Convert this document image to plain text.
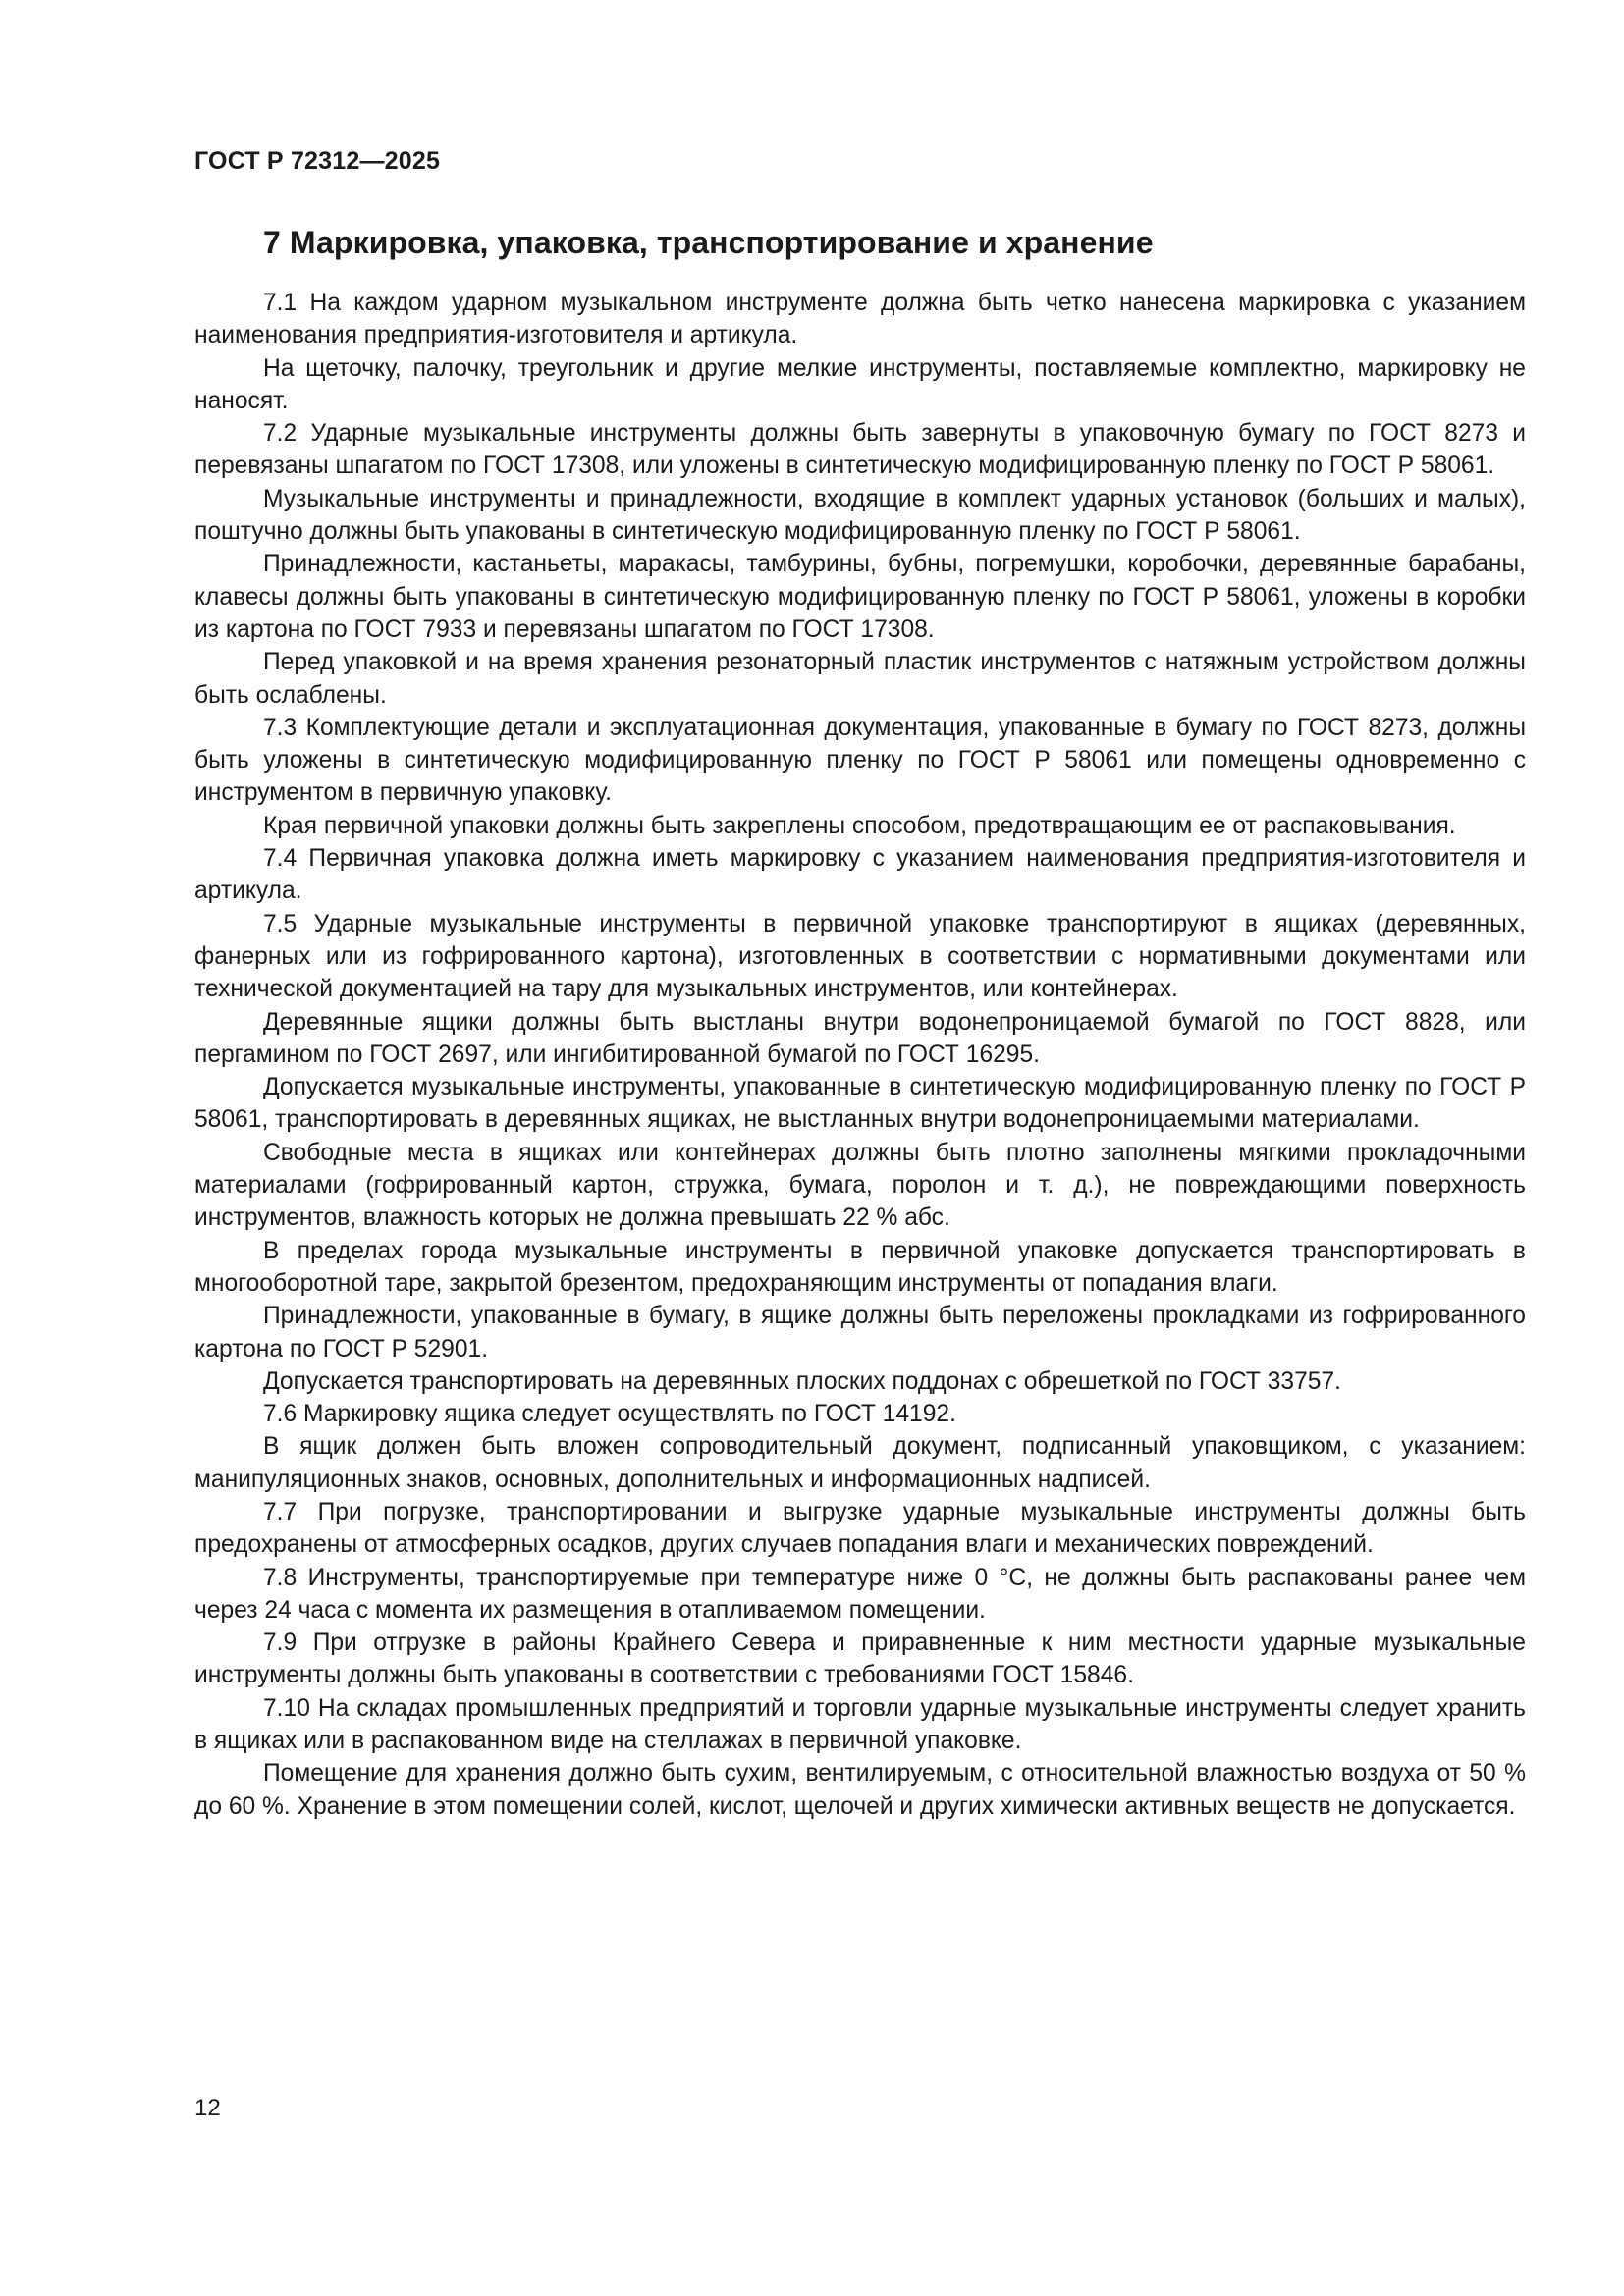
ГОСТ Р 72312—2025
7 Маркировка, упаковка, транспортирование и хранение

7.1 На каждом ударном музыкальном инструменте должна быть четко нанесена маркировка с указанием наименования предприятия-изготовителя и артикула.

На щеточку, палочку, треугольник и другие мелкие инструменты, поставляемые комплектно, маркировку не наносят.

7.2 Ударные музыкальные инструменты должны быть завернуты в упаковочную бумагу по ГОСТ 8273 и перевязаны шпагатом по ГОСТ 17308, или уложены в синтетическую модифицированную пленку по ГОСТ Р 58061.

Музыкальные инструменты и принадлежности, входящие в комплект ударных установок (больших и малых), поштучно должны быть упакованы в синтетическую модифицированную пленку по ГОСТ Р 58061.

Принадлежности, кастаньеты, маракасы, тамбурины, бубны, погремушки, коробочки, деревянные барабаны, клавесы должны быть упакованы в синтетическую модифицированную пленку по ГОСТ Р 58061, уложены в коробки из картона по ГОСТ 7933 и перевязаны шпагатом по ГОСТ 17308.

Перед упаковкой и на время хранения резонаторный пластик инструментов с натяжным устройством должны быть ослаблены.

7.3 Комплектующие детали и эксплуатационная документация, упакованные в бумагу по ГОСТ 8273, должны быть уложены в синтетическую модифицированную пленку по ГОСТ Р 58061 или помещены одновременно с инструментом в первичную упаковку.

Края первичной упаковки должны быть закреплены способом, предотвращающим ее от распаковывания.

7.4 Первичная упаковка должна иметь маркировку с указанием наименования предприятия-изготовителя и артикула.

7.5 Ударные музыкальные инструменты в первичной упаковке транспортируют в ящиках (деревянных, фанерных или из гофрированного картона), изготовленных в соответствии с нормативными документами или технической документацией на тару для музыкальных инструментов, или контейнерах.

Деревянные ящики должны быть выстланы внутри водонепроницаемой бумагой по ГОСТ 8828, или пергамином по ГОСТ 2697, или ингибитированной бумагой по ГОСТ 16295.

Допускается музыкальные инструменты, упакованные в синтетическую модифицированную пленку по ГОСТ Р 58061, транспортировать в деревянных ящиках, не выстланных внутри водонепроницаемыми материалами.

Свободные места в ящиках или контейнерах должны быть плотно заполнены мягкими прокладочными материалами (гофрированный картон, стружка, бумага, поролон и т. д.), не повреждающими поверхность инструментов, влажность которых не должна превышать 22 % абс.

В пределах города музыкальные инструменты в первичной упаковке допускается транспортировать в многооборотной таре, закрытой брезентом, предохраняющим инструменты от попадания влаги.

Принадлежности, упакованные в бумагу, в ящике должны быть переложены прокладками из гофрированного картона по ГОСТ Р 52901.

Допускается транспортировать на деревянных плоских поддонах с обрешеткой по ГОСТ 33757.

7.6 Маркировку ящика следует осуществлять по ГОСТ 14192.

В ящик должен быть вложен сопроводительный документ, подписанный упаковщиком, с указанием: манипуляционных знаков, основных, дополнительных и информационных надписей.

7.7 При погрузке, транспортировании и выгрузке ударные музыкальные инструменты должны быть предохранены от атмосферных осадков, других случаев попадания влаги и механических повреждений.

7.8 Инструменты, транспортируемые при температуре ниже 0 °С, не должны быть распакованы ранее чем через 24 часа с момента их размещения в отапливаемом помещении.

7.9 При отгрузке в районы Крайнего Севера и приравненные к ним местности ударные музыкальные инструменты должны быть упакованы в соответствии с требованиями ГОСТ 15846.

7.10 На складах промышленных предприятий и торговли ударные музыкальные инструменты следует хранить в ящиках или в распакованном виде на стеллажах в первичной упаковке.

Помещение для хранения должно быть сухим, вентилируемым, с относительной влажностью воздуха от 50 % до 60 %. Хранение в этом помещении солей, кислот, щелочей и других химически активных веществ не допускается.

12
